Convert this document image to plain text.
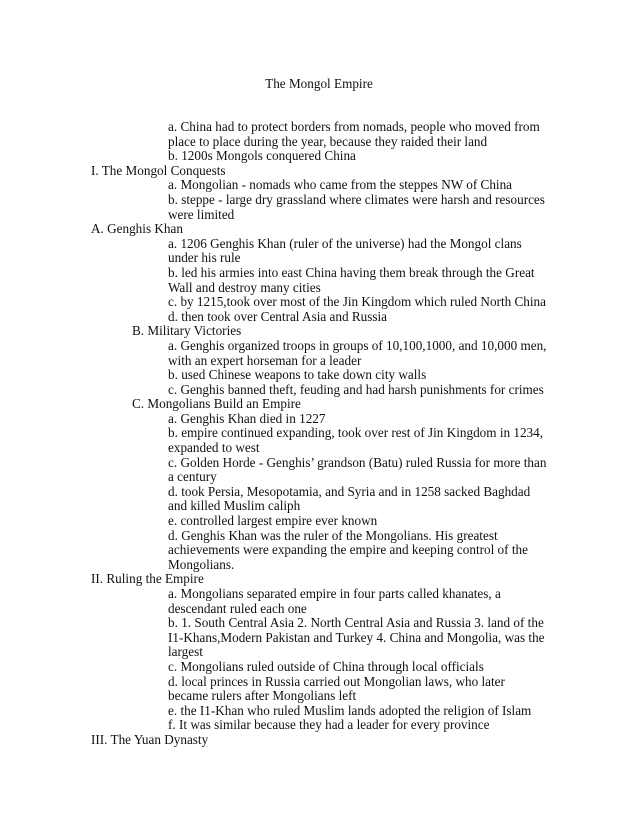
The Mongol Empire
a. China had to protect borders from nomads, people who moved from place to place during the year, because they raided their land
b. 1200s Mongols conquered China
I. The Mongol Conquests
a. Mongolian - nomads who came from the steppes NW of China
b. steppe - large dry grassland where climates were harsh and resources were limited
A. Genghis Khan
a. 1206 Genghis Khan (ruler of the universe) had the Mongol clans under his rule
b. led his armies into east China having them break through the Great Wall and destroy many cities
c. by 1215,took over most of the Jin Kingdom which ruled North China
d. then took over Central Asia and Russia
B. Military Victories
a. Genghis organized troops in groups of 10,100,1000, and 10,000 men, with an expert horseman for a leader
b. used Chinese weapons to take down city walls
c. Genghis banned theft, feuding and had harsh punishments for crimes
C. Mongolians Build an Empire
a. Genghis Khan died in 1227
b. empire continued expanding, took over rest of Jin Kingdom in 1234, expanded to west
c. Golden Horde - Genghis’ grandson (Batu) ruled Russia for more than a century
d. took Persia, Mesopotamia, and Syria and in 1258 sacked Baghdad and killed Muslim caliph
e. controlled largest empire ever known
d. Genghis Khan was the ruler of the Mongolians. His greatest achievements were expanding the empire and keeping control of the Mongolians.
II. Ruling the Empire
a. Mongolians separated empire in four parts called khanates, a descendant ruled each one
b. 1. South Central Asia 2. North Central Asia and Russia 3. land of the I1-Khans,Modern Pakistan and Turkey 4. China and Mongolia, was the largest
c. Mongolians ruled outside of China through local officials
d. local princes in Russia carried out Mongolian laws, who later became rulers after Mongolians left
e. the I1-Khan who ruled Muslim lands adopted the religion of Islam
f. It was similar because they had a leader for every province
III. The Yuan Dynasty
